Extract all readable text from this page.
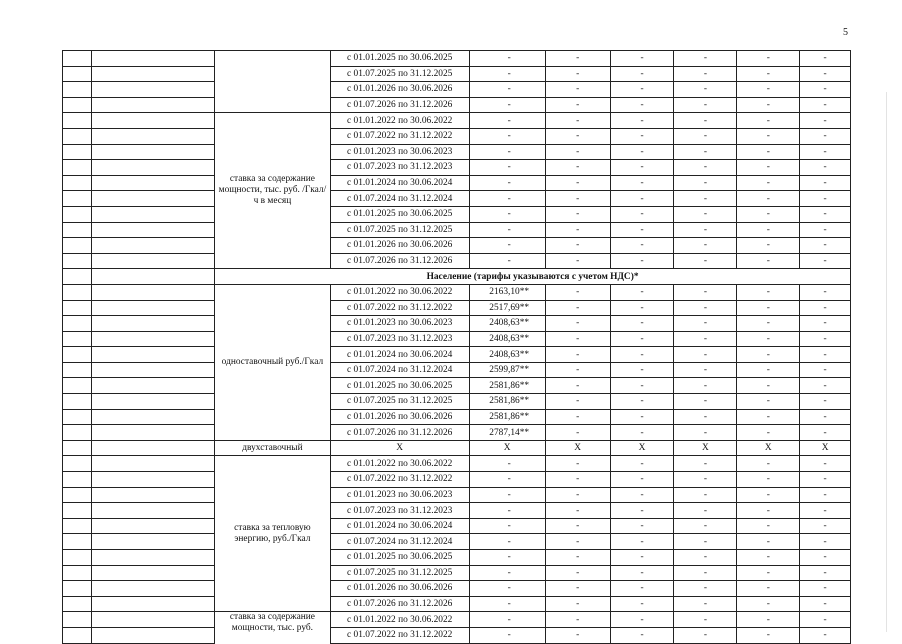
5
			с 01.01.2025 по 30.06.2025	-	-	-	-	-	-
			с 01.07.2025 по 31.12.2025	-	-	-	-	-	-
			с 01.01.2026 по 30.06.2026	-	-	-	-	-	-
			с 01.07.2026 по 31.12.2026	-	-	-	-	-	-
		ставка за содержание мощности, тыс. руб. /Гкал/ч в месяц	с 01.01.2022 по 30.06.2022	-	-	-	-	-	-
			с 01.07.2022 по 31.12.2022	-	-	-	-	-	-
			с 01.01.2023 по 30.06.2023	-	-	-	-	-	-
			с 01.07.2023 по 31.12.2023	-	-	-	-	-	-
			с 01.01.2024 по 30.06.2024	-	-	-	-	-	-
			с 01.07.2024 по 31.12.2024	-	-	-	-	-	-
			с 01.01.2025 по 30.06.2025	-	-	-	-	-	-
			с 01.07.2025 по 31.12.2025	-	-	-	-	-	-
			с 01.01.2026 по 30.06.2026	-	-	-	-	-	-
			с 01.07.2026 по 31.12.2026	-	-	-	-	-	-
		Население (тарифы указываются с учетом НДС)*							
		одноставочный руб./Гкал	с 01.01.2022 по 30.06.2022	2163,10**	-	-	-	-	-
			с 01.07.2022 по 31.12.2022	2517,69**	-	-	-	-	-
			с 01.01.2023 по 30.06.2023	2408,63**	-	-	-	-	-
			с 01.07.2023 по 31.12.2023	2408,63**	-	-	-	-	-
			с 01.01.2024 по 30.06.2024	2408,63**	-	-	-	-	-
			с 01.07.2024 по 31.12.2024	2599,87**	-	-	-	-	-
			с 01.01.2025 по 30.06.2025	2581,86**	-	-	-	-	-
			с 01.07.2025 по 31.12.2025	2581,86**	-	-	-	-	-
			с 01.01.2026 по 30.06.2026	2581,86**	-	-	-	-	-
			с 01.07.2026 по 31.12.2026	2787,14**	-	-	-	-	-
		двухставочный	X	X	X	X	X	X	X
		ставка за тепловую энергию, руб./Гкал	с 01.01.2022 по 30.06.2022	-	-	-	-	-	-
			с 01.07.2022 по 31.12.2022	-	-	-	-	-	-
			с 01.01.2023 по 30.06.2023	-	-	-	-	-	-
			с 01.07.2023 по 31.12.2023	-	-	-	-	-	-
			с 01.01.2024 по 30.06.2024	-	-	-	-	-	-
			с 01.07.2024 по 31.12.2024	-	-	-	-	-	-
			с 01.01.2025 по 30.06.2025	-	-	-	-	-	-
			с 01.07.2025 по 31.12.2025	-	-	-	-	-	-
			с 01.01.2026 по 30.06.2026	-	-	-	-	-	-
			с 01.07.2026 по 31.12.2026	-	-	-	-	-	-
		ставка за содержание мощности, тыс. руб.	с 01.01.2022 по 30.06.2022	-	-	-	-	-	-
			с 01.07.2022 по 31.12.2022	-	-	-	-	-	-
